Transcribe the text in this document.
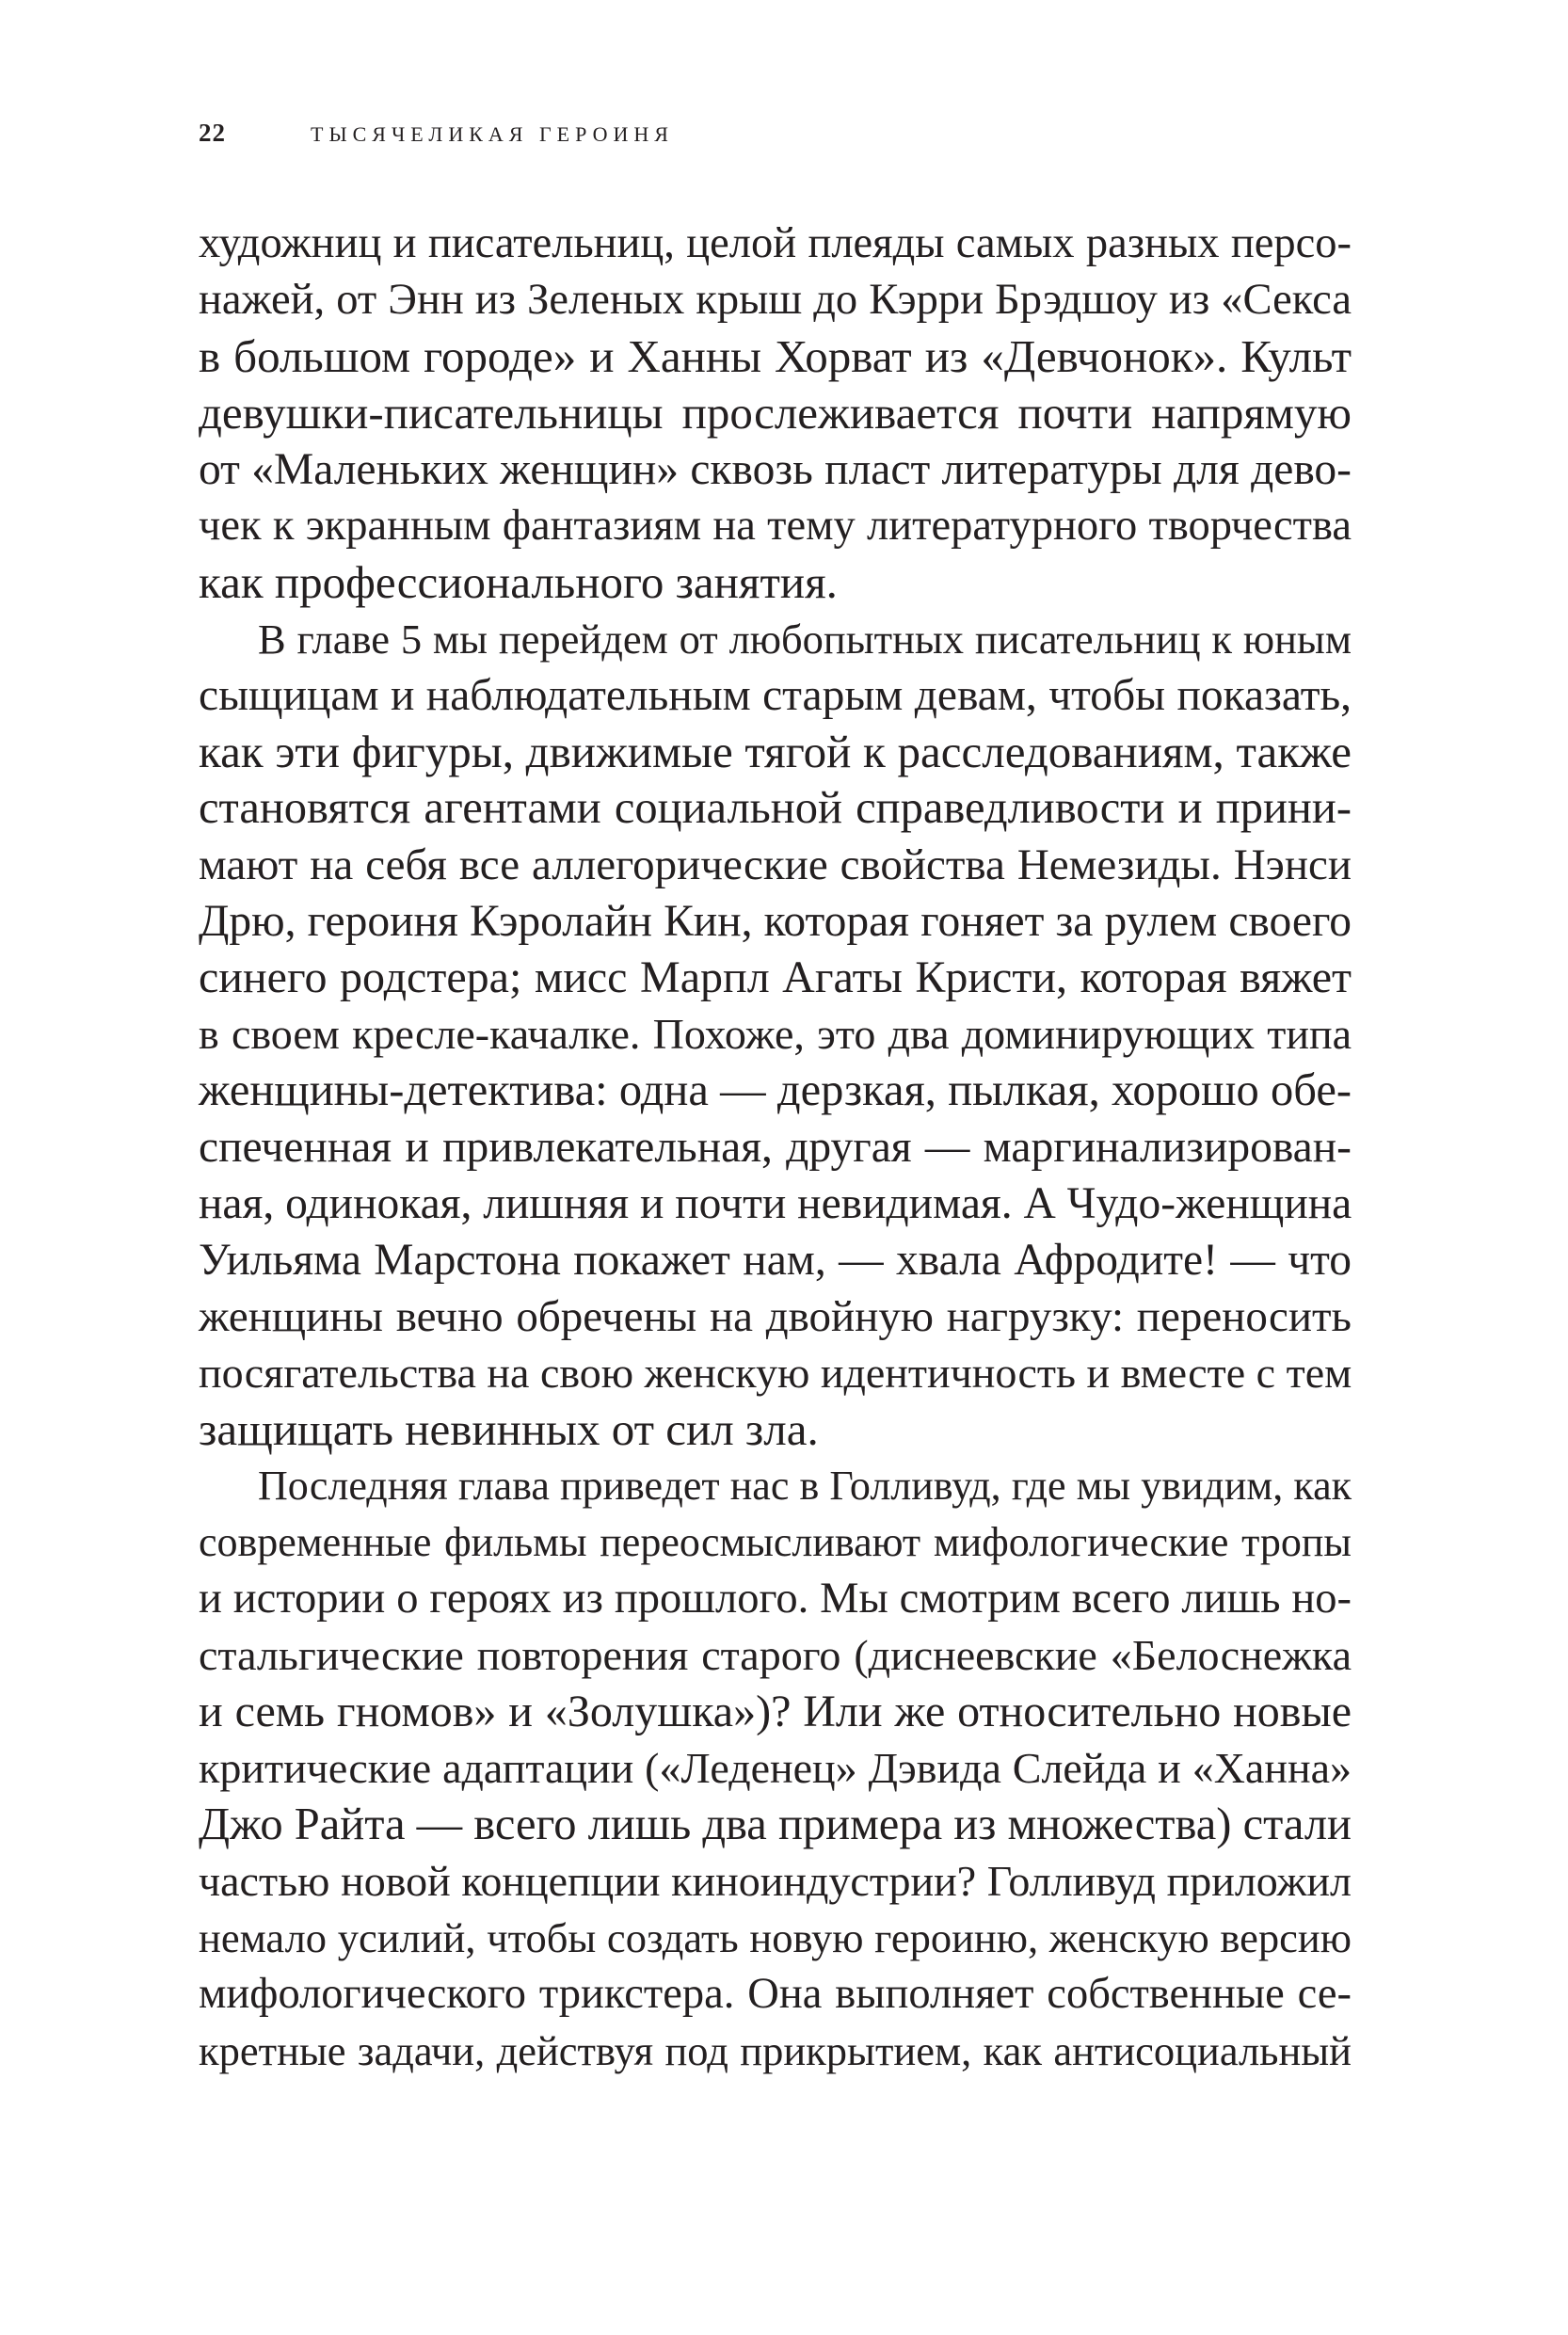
22	ТЫСЯЧЕЛИКАЯ ГЕРОИНЯ
художниц и писательниц, целой плеяды самых разных персо-
нажей, от Энн из Зеленых крыш до Кэрри Брэдшоу из «Секса
в большом городе» и Ханны Хорват из «Девчонок». Культ
девушки-писательницы прослеживается почти напрямую
от «Маленьких женщин» сквозь пласт литературы для дево-
чек к экранным фантазиям на тему литературного творчества
как профессионального занятия.
В главе 5 мы перейдем от любопытных писательниц к юным
сыщицам и наблюдательным старым девам, чтобы показать,
как эти фигуры, движимые тягой к расследованиям, также
становятся агентами социальной справедливости и прини-
мают на себя все аллегорические свойства Немезиды. Нэнси
Дрю, героиня Кэролайн Кин, которая гоняет за рулем своего
синего родстера; мисс Марпл Агаты Кристи, которая вяжет
в своем кресле-качалке. Похоже, это два доминирующих типа
женщины-детектива: одна — дерзкая, пылкая, хорошо обе-
спеченная и привлекательная, другая — маргинализирован-
ная, одинокая, лишняя и почти невидимая. А Чудо-женщина
Уильяма Марстона покажет нам, — хвала Афродите! — что
женщины вечно обречены на двойную нагрузку: переносить
посягательства на свою женскую идентичность и вместе с тем
защищать невинных от сил зла.
Последняя глава приведет нас в Голливуд, где мы увидим, как
современные фильмы переосмысливают мифологические тропы
и истории о героях из прошлого. Мы смотрим всего лишь но-
стальгические повторения старого (диснеевские «Белоснежка
и семь гномов» и «Золушка»)? Или же относительно новые
критические адаптации («Леденец» Дэвида Слейда и «Ханна»
Джо Райта — всего лишь два примера из множества) стали
частью новой концепции киноиндустрии? Голливуд приложил
немало усилий, чтобы создать новую героиню, женскую версию
мифологического трикстера. Она выполняет собственные се-
кретные задачи, действуя под прикрытием, как антисоциальный
